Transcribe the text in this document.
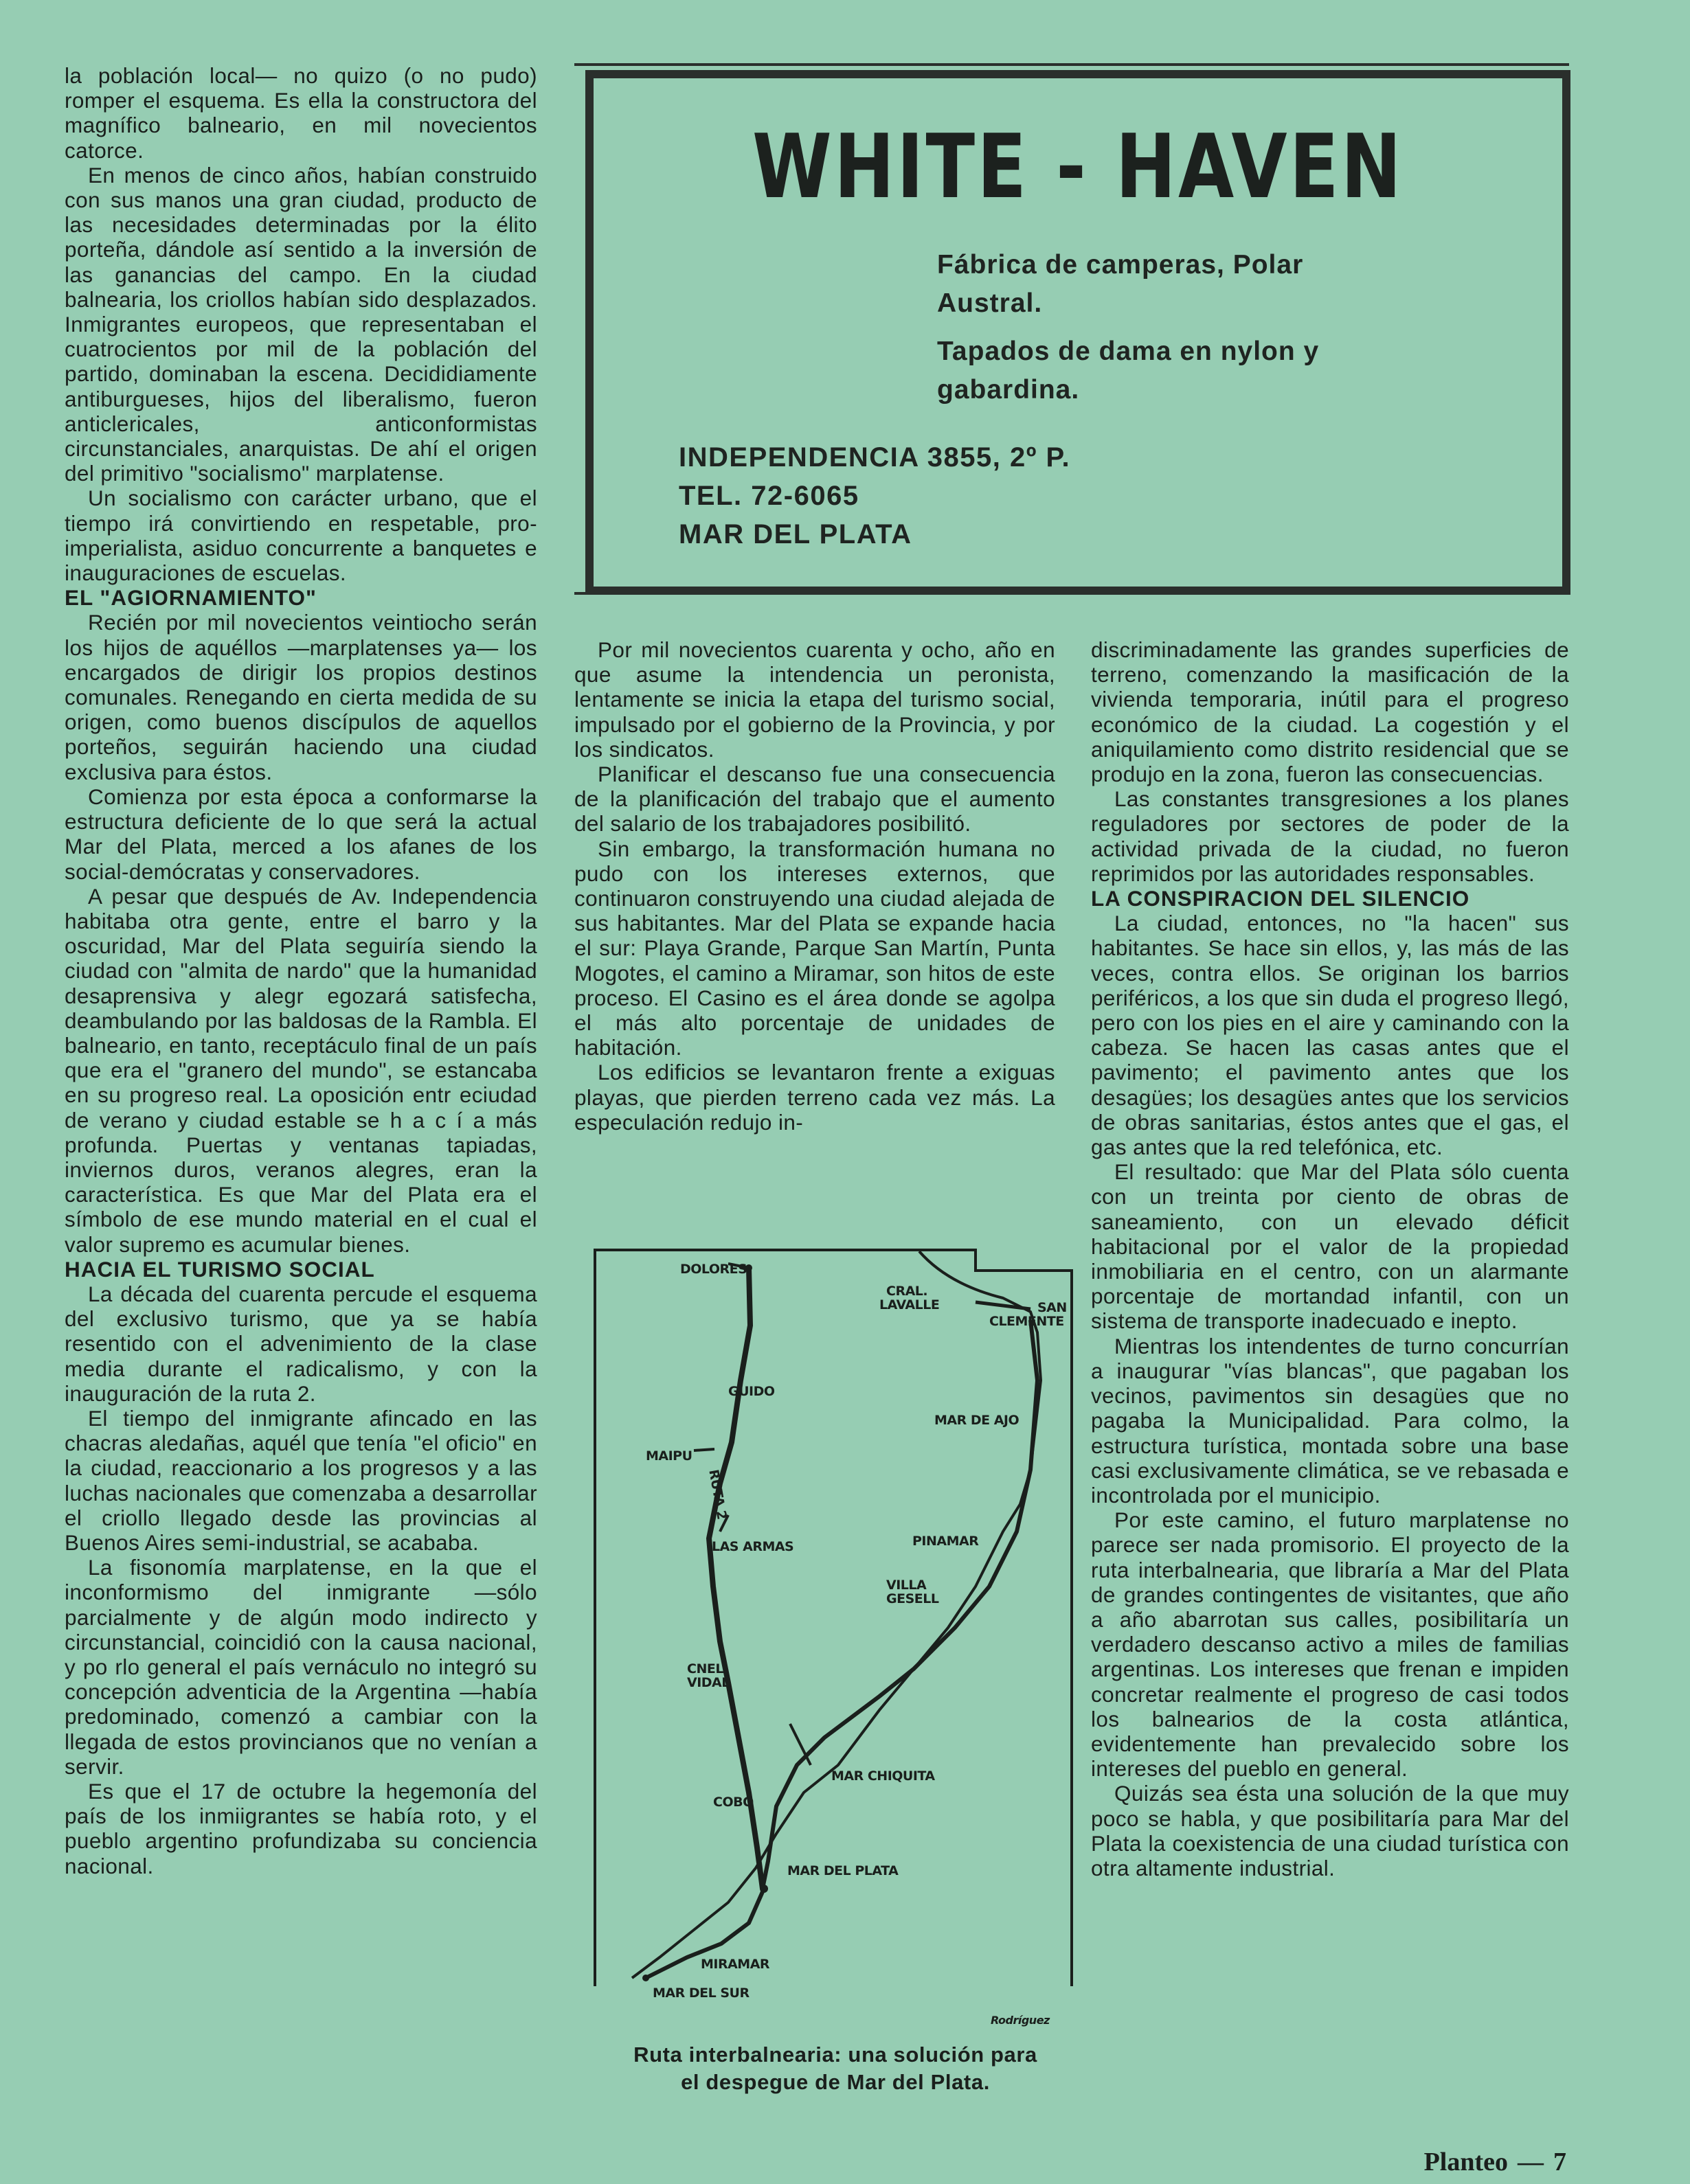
la población local— no quizo (o no pudo) romper el esquema. Es ella la constructora del magnífico balneario, en mil novecientos catorce.

En menos de cinco años, habían construido con sus manos una gran ciudad, producto de las necesidades determinadas por la élito porteña, dándole así sentido a la inversión de las ganancias del campo. En la ciudad balnearia, los criollos habían sido desplazados. Inmigrantes europeos, que representaban el cuatrocientos por mil de la población del partido, dominaban la escena. Decididiamente antiburgueses, hijos del liberalismo, fueron anticlericales, anticonformistas circunstanciales, anarquistas. De ahí el origen del primitivo "socialismo" marplatense.

Un socialismo con carácter urbano, que el tiempo irá convirtiendo en respetable, pro-imperialista, asiduo concurrente a banquetes e inauguraciones de escuelas.

EL "AGIORNAMIENTO"

Recién por mil novecientos veintiocho serán los hijos de aquéllos —marplatenses ya— los encargados de dirigir los propios destinos comunales. Renegando en cierta medida de su origen, como buenos discípulos de aquellos porteños, seguirán haciendo una ciudad exclusiva para éstos.

Comienza por esta época a conformarse la estructura deficiente de lo que será la actual Mar del Plata, merced a los afanes de los social-demócratas y conservadores.

A pesar que después de Av. Independencia habitaba otra gente, entre el barro y la oscuridad, Mar del Plata seguiría siendo la ciudad con "almita de nardo" que la humanidad desaprensiva y alegr egozará satisfecha, deambulando por las baldosas de la Rambla. El balneario, en tanto, receptáculo final de un país que era el "granero del mundo", se estancaba en su progreso real. La oposición entr eciudad de verano y ciudad estable se h a c í a más profunda. Puertas y ventanas tapiadas, inviernos duros, veranos alegres, eran la característica. Es que Mar del Plata era el símbolo de ese mundo material en el cual el valor supremo es acumular bienes.

HACIA EL TURISMO SOCIAL

La década del cuarenta percude el esquema del exclusivo turismo, que ya se había resentido con el advenimiento de la clase media durante el radicalismo, y con la inauguración de la ruta 2.

El tiempo del inmigrante afincado en las chacras aledañas, aquél que tenía "el oficio" en la ciudad, reaccionario a los progresos y a las luchas nacionales que comenzaba a desarrollar el criollo llegado desde las provincias al Buenos Aires semi-industrial, se acababa.

La fisonomía marplatense, en la que el inconformismo del inmigrante —sólo parcialmente y de algún modo indirecto y circunstancial, coincidió con la causa nacional, y po rlo general el país vernáculo no integró su concepción adventicia de la Argentina —había predominado, comenzó a cambiar con la llegada de estos provincianos que no venían a servir.

Es que el 17 de octubre la hegemonía del país de los inmiigrantes se había roto, y el pueblo argentino profundizaba su conciencia nacional.

WHITE - HAVEN
Fábrica de camperas, Polar
Austral.
Tapados de dama en nylon y
gabardina.
INDEPENDENCIA 3855, 2º P.
TEL. 72-6065
MAR DEL PLATA

Por mil novecientos cuarenta y ocho, año en que asume la intendencia un peronista, lentamente se inicia la etapa del turismo social, impulsado por el gobierno de la Provincia, y por los sindicatos.

Planificar el descanso fue una consecuencia de la planificación del trabajo que el aumento del salario de los trabajadores posibilitó.

Sin embargo, la transformación humana no pudo con los intereses externos, que continuaron construyendo una ciudad alejada de sus habitantes. Mar del Plata se expande hacia el sur: Playa Grande, Parque San Martín, Punta Mogotes, el camino a Miramar, son hitos de este proceso. El Casino es el área donde se agolpa el más alto porcentaje de unidades de habitación.

Los edificios se levantaron frente a exiguas playas, que pierden terreno cada vez más. La especulación redujo in-

DOLORES
CRAL.
LAVALLE	SAN
CLEMENTE
GUIDO
MAR DE AJO
MAIPU
RUTA 2
LAS ARMAS	PINAMAR
VILLA
GESELL
CNEL.
VIDAL
MAR CHIQUITA
COBO
MAR DEL PLATA
MIRAMAR
MAR DEL SUR
Rodríguez
Ruta interbalnearia: una solución para
el despegue de Mar del Plata.

discriminadamente las grandes superficies de terreno, comenzando la masificación de la vivienda temporaria, inútil para el progreso económico de la ciudad. La cogestión y el aniquilamiento como distrito residencial que se produjo en la zona, fueron las consecuencias.

Las constantes transgresiones a los planes reguladores por sectores de poder de la actividad privada de la ciudad, no fueron reprimidos por las autoridades responsables.

LA CONSPIRACION DEL SILENCIO

La ciudad, entonces, no "la hacen" sus habitantes. Se hace sin ellos, y, las más de las veces, contra ellos. Se originan los barrios periféricos, a los que sin duda el progreso llegó, pero con los pies en el aire y caminando con la cabeza. Se hacen las casas antes que el pavimento; el pavimento antes que los desagües; los desagües antes que los servicios de obras sanitarias, éstos antes que el gas, el gas antes que la red telefónica, etc.

El resultado: que Mar del Plata sólo cuenta con un treinta por ciento de obras de saneamiento, con un elevado déficit habitacional por el valor de la propiedad inmobiliaria en el centro, con un alarmante porcentaje de mortandad infantil, con un sistema de transporte inadecuado e inepto.

Mientras los intendentes de turno concurrían a inaugurar "vías blancas", que pagaban los vecinos, pavimentos sin desagües que no pagaba la Municipalidad. Para colmo, la estructura turística, montada sobre una base casi exclusivamente climática, se ve rebasada e incontrolada por el municipio.

Por este camino, el futuro marplatense no parece ser nada promisorio. El proyecto de la ruta interbalnearia, que libraría a Mar del Plata de grandes contingentes de visitantes, que año a año abarrotan sus calles, posibilitaría un verdadero descanso activo a miles de familias argentinas. Los intereses que frenan e impiden concretar realmente el progreso de casi todos los balnearios de la costa atlántica, evidentemente han prevalecido sobre los intereses del pueblo en general.

Quizás sea ésta una solución de la que muy poco se habla, y que posibilitaría para Mar del Plata la coexistencia de una ciudad turística con otra altamente industrial.

Planteo — 7
